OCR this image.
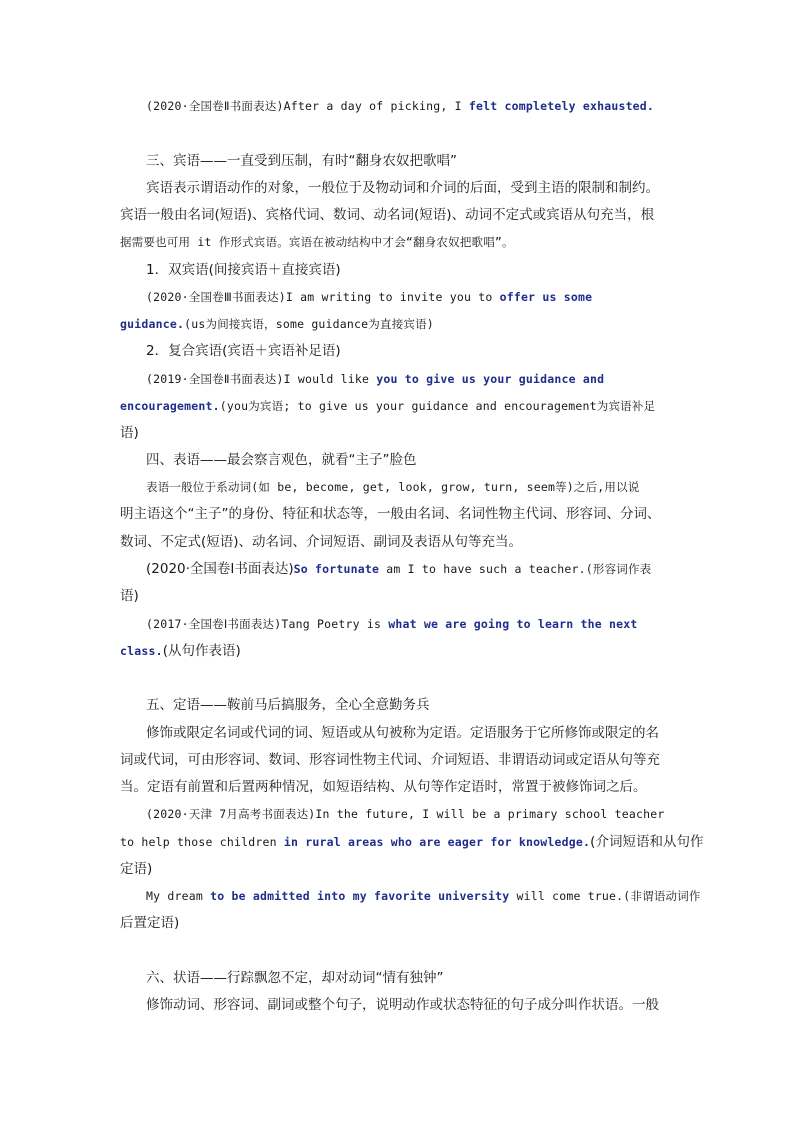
(2020·全国卷Ⅱ书面表达)After a day of picking, I felt completely exhausted.
三、宾语——一直受到压制，有时“翻身农奴把歌唱”
宾语表示谓语动作的对象，一般位于及物动词和介词的后面，受到主语的限制和制约。
宾语一般由名词(短语)、宾格代词、数词、动名词(短语)、动词不定式或宾语从句充当，根
据需要也可用 it 作形式宾语。宾语在被动结构中才会“翻身农奴把歌唱”。
1．双宾语(间接宾语＋直接宾语)
(2020·全国卷Ⅲ书面表达)I am writing to invite you to offer us some
guidance.(us为间接宾语，some guidance为直接宾语)
2．复合宾语(宾语＋宾语补足语)
(2019·全国卷Ⅱ书面表达)I would like you to give us your guidance and
encouragement.(you为宾语; to give us your guidance and encouragement为宾语补足
语)
四、表语——最会察言观色，就看“主子”脸色
表语一般位于系动词(如 be, become, get, look, grow, turn, seem等)之后,用以说
明主语这个“主子”的身份、特征和状态等，一般由名词、名词性物主代词、形容词、分词、
数词、不定式(短语)、动名词、介词短语、副词及表语从句等充当。
(2020·全国卷Ⅰ书面表达)So fortunate am I to have such a teacher.(形容词作表
语)
(2017·全国卷Ⅰ书面表达)Tang Poetry is what we are going to learn the next
class.(从句作表语)
五、定语——鞍前马后搞服务，全心全意勤务兵
修饰或限定名词或代词的词、短语或从句被称为定语。定语服务于它所修饰或限定的名
词或代词，可由形容词、数词、形容词性物主代词、介词短语、非谓语动词或定语从句等充
当。定语有前置和后置两种情况，如短语结构、从句等作定语时，常置于被修饰词之后。
(2020·天津 7月高考书面表达)In the future, I will be a primary school teacher
to help those children in rural areas who are eager for knowledge.(介词短语和从句作
定语)
My dream to be admitted into my favorite university will come true.(非谓语动词作
后置定语)
六、状语——行踪飘忽不定，却对动词“情有独钟”
修饰动词、形容词、副词或整个句子，说明动作或状态特征的句子成分叫作状语。一般
